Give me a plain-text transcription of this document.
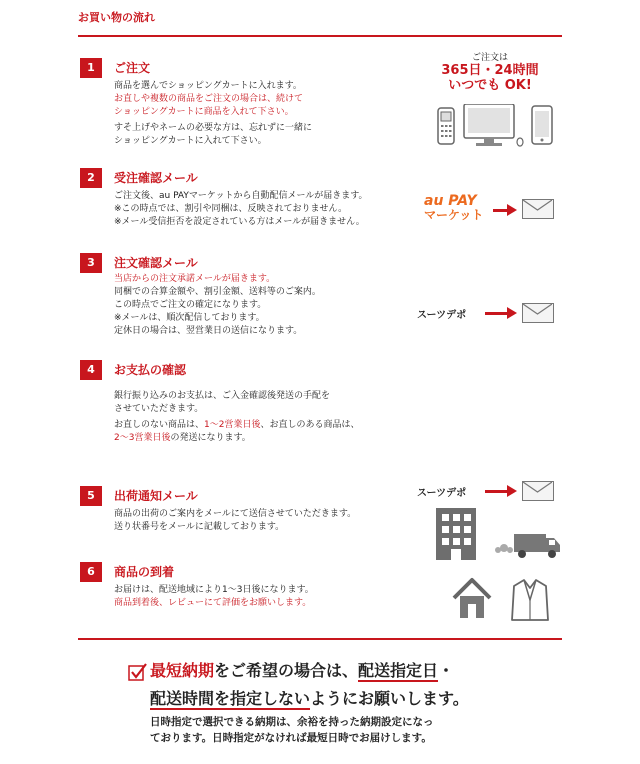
お買い物の流れ
1	ご注文
商品を選んでショッピングカートに入れます。
お直しや複数の商品をご注文の場合は、続けて
ショッピングカートに商品を入れて下さい。
すそ上げやネームの必要な方は、忘れずに一緒に
ショッピングカートに入れて下さい。
ご注文は
365日・24時間
いつでも OK!
2	受注確認メール
ご注文後、au PAYマーケットから自動配信メールが届きます。
※この時点では、割引や同梱は、反映されておりません。
※メール受信拒否を設定されている方はメールが届きません。
au PAY
マーケット
3	注文確認メール
当店からの注文承諾メールが届きます。
同梱での合算金額や、割引金額、送料等のご案内。
この時点でご注文の確定になります。
※メールは、順次配信しております。
定休日の場合は、翌営業日の送信になります。
スーツデポ
4	お支払の確認
銀行振り込みのお支払は、ご入金確認後発送の手配を
させていただきます。
お直しのない商品は、1～2営業日後、お直しのある商品は、
2～3営業日後の発送になります。
5	出荷通知メール
商品の出荷のご案内をメールにて送信させていただきます。
送り状番号をメールに記載しております。
スーツデポ
6	商品の到着
お届けは、配送地域により1～3日後になります。
商品到着後、レビューにて評価をお願いします。
最短納期をご希望の場合は、配送指定日・
配送時間を指定しないようにお願いします。
日時指定で選択できる納期は、余裕を持った納期設定になっ
ております。日時指定がなければ最短日時でお届けします。
